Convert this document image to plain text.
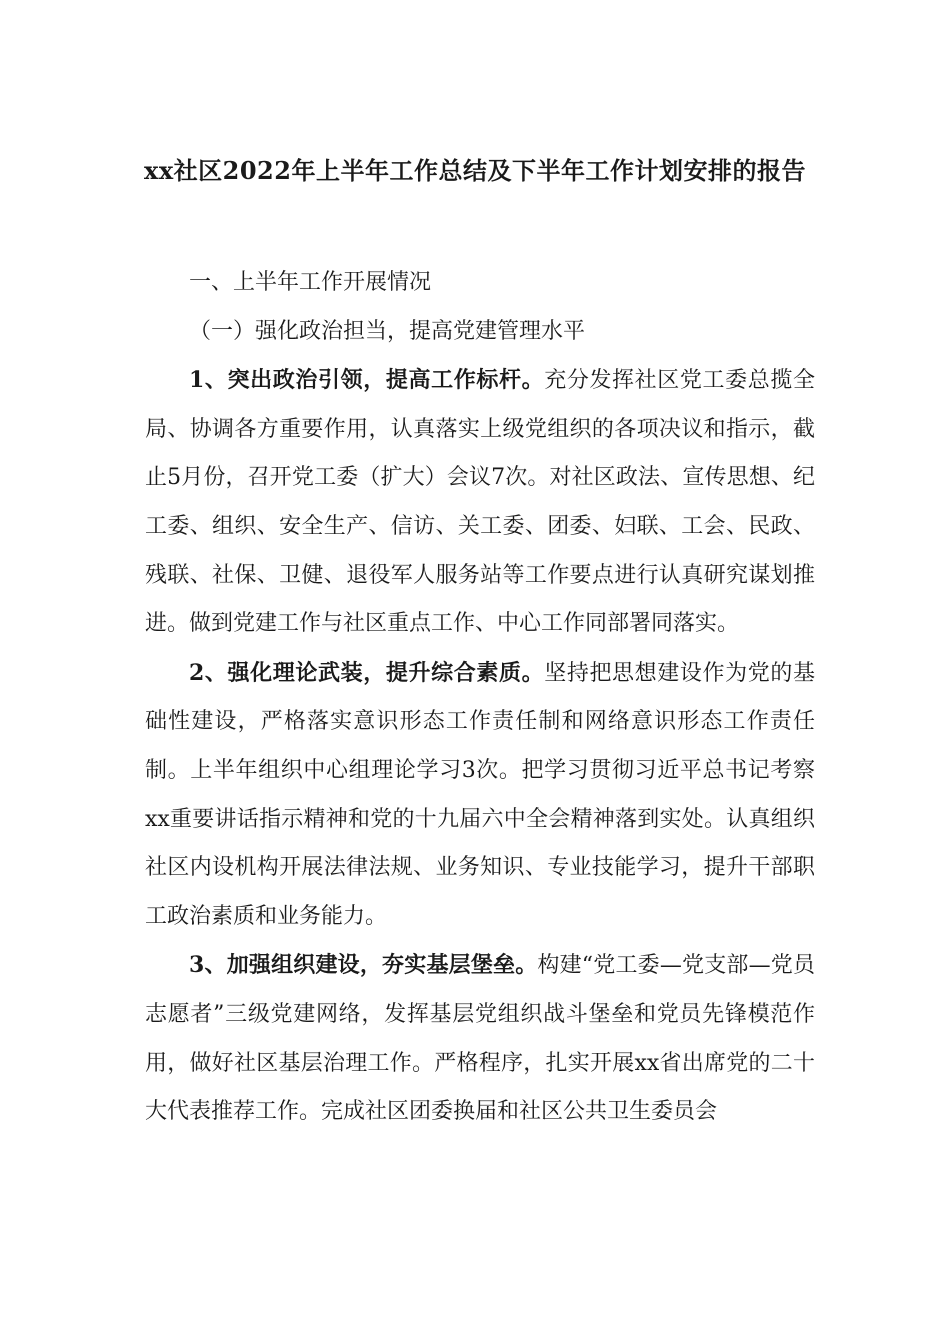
xx社区2022年上半年工作总结及下半年工作计划安排的报告

一、上半年工作开展情况

（一）强化政治担当，提高党建管理水平

1、突出政治引领，提高工作标杆。充分发挥社区党工委总揽全局、协调各方重要作用，认真落实上级党组织的各项决议和指示，截止5月份，召开党工委（扩大）会议7次。对社区政法、宣传思想、纪工委、组织、安全生产、信访、关工委、团委、妇联、工会、民政、残联、社保、卫健、退役军人服务站等工作要点进行认真研究谋划推进。做到党建工作与社区重点工作、中心工作同部署同落实。

2、强化理论武装，提升综合素质。坚持把思想建设作为党的基础性建设，严格落实意识形态工作责任制和网络意识形态工作责任制。上半年组织中心组理论学习3次。把学习贯彻习近平总书记考察xx重要讲话指示精神和党的十九届六中全会精神落到实处。认真组织社区内设机构开展法律法规、业务知识、专业技能学习，提升干部职工政治素质和业务能力。

3、加强组织建设，夯实基层堡垒。构建“党工委—党支部—党员志愿者”三级党建网络，发挥基层党组织战斗堡垒和党员先锋模范作用，做好社区基层治理工作。严格程序，扎实开展xx省出席党的二十大代表推荐工作。完成社区团委换届和社区公共卫生委员会
